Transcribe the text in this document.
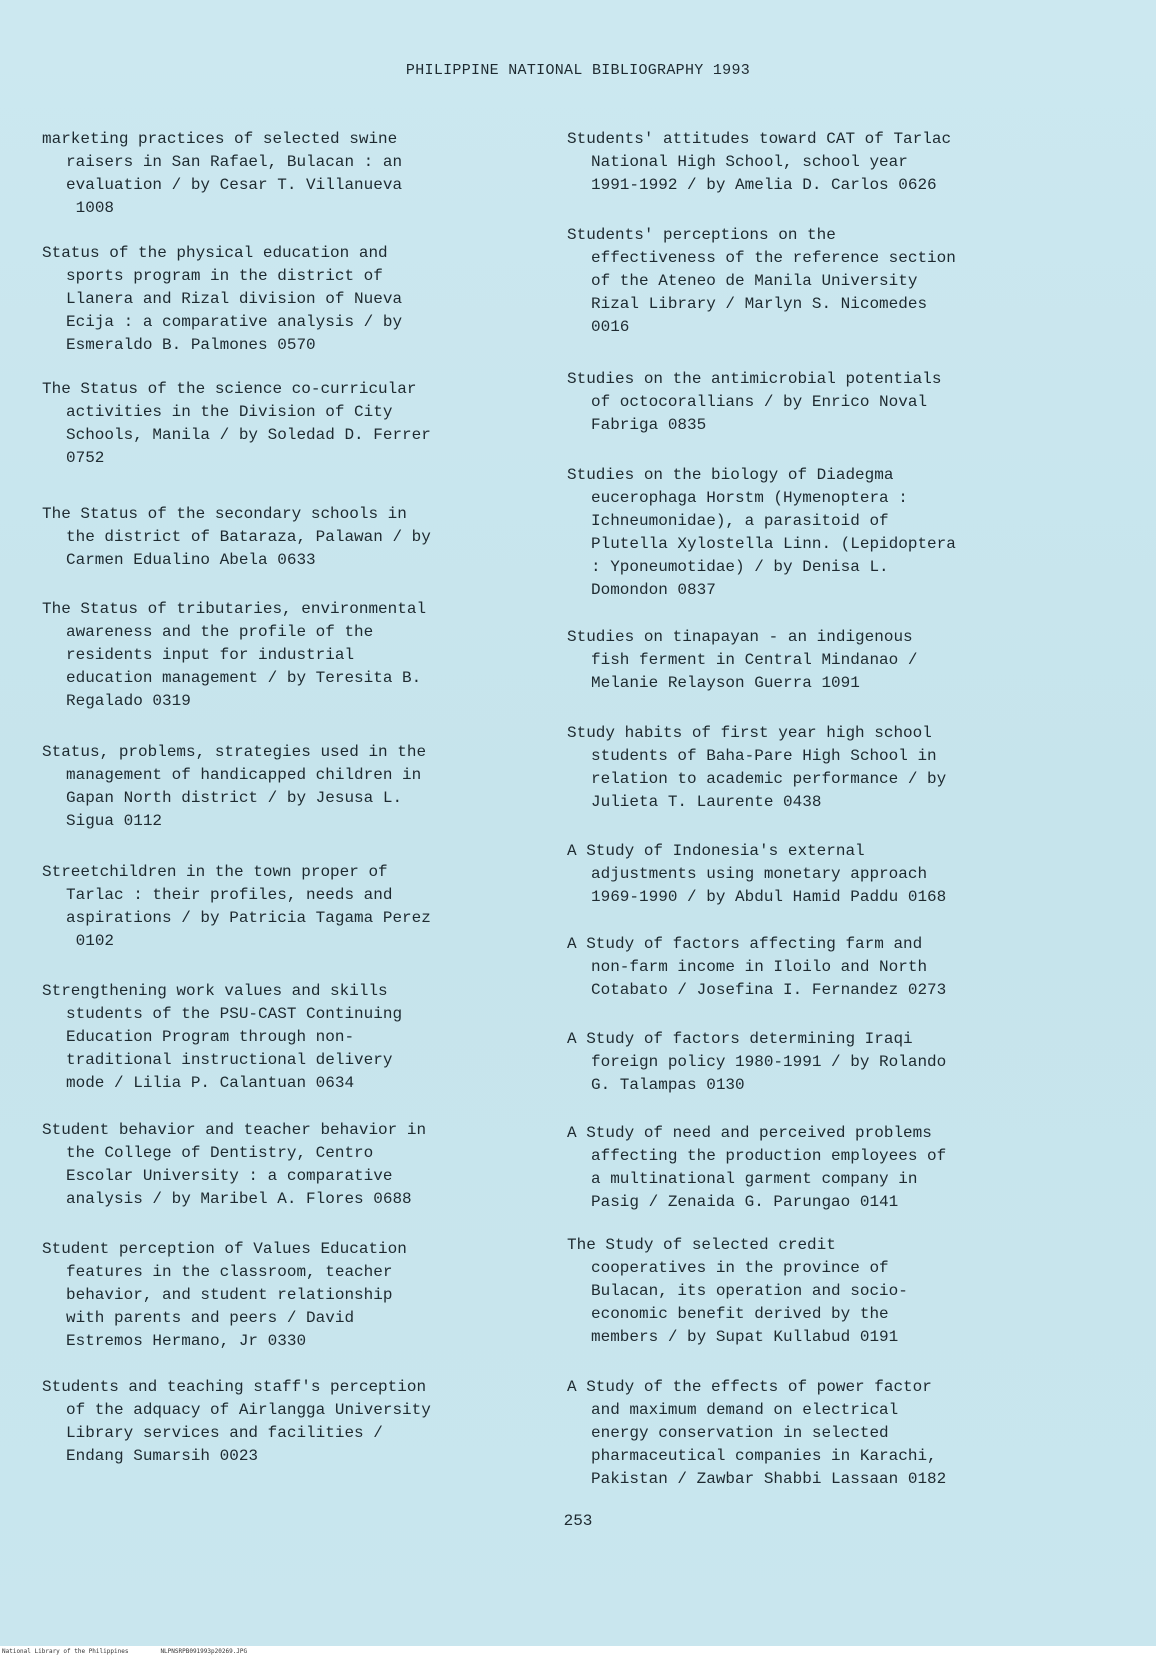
PHILIPPINE NATIONAL BIBLIOGRAPHY 1993

marketing practices of selected swine
raisers in San Rafael, Bulacan : an
evaluation / by Cesar T. Villanueva
1008

Status of the physical education and
sports program in the district of
Llanera and Rizal division of Nueva
Ecija : a comparative analysis / by
Esmeraldo B. Palmones 0570

The Status of the science co-curricular
activities in the Division of City
Schools, Manila / by Soledad D. Ferrer
0752

The Status of the secondary schools in
the district of Bataraza, Palawan / by
Carmen Edualino Abela 0633

The Status of tributaries, environmental
awareness and the profile of the
residents input for industrial
education management / by Teresita B.
Regalado 0319

Status, problems, strategies used in the
management of handicapped children in
Gapan North district / by Jesusa L.
Sigua 0112

Streetchildren in the town proper of
Tarlac : their profiles, needs and
aspirations / by Patricia Tagama Perez
0102

Strengthening work values and skills
students of the PSU-CAST Continuing
Education Program through non-
traditional instructional delivery
mode / Lilia P. Calantuan 0634

Student behavior and teacher behavior in
the College of Dentistry, Centro
Escolar University : a comparative
analysis / by Maribel A. Flores 0688

Student perception of Values Education
features in the classroom, teacher
behavior, and student relationship
with parents and peers / David
Estremos Hermano, Jr 0330

Students and teaching staff's perception
of the adquacy of Airlangga University
Library services and facilities /
Endang Sumarsih 0023

Students' attitudes toward CAT of Tarlac
National High School, school year
1991-1992 / by Amelia D. Carlos 0626

Students' perceptions on the
effectiveness of the reference section
of the Ateneo de Manila University
Rizal Library / Marlyn S. Nicomedes
0016

Studies on the antimicrobial potentials
of octocorallians / by Enrico Noval
Fabriga 0835

Studies on the biology of Diadegma
eucerophaga Horstm (Hymenoptera :
Ichneumonidae), a parasitoid of
Plutella Xylostella Linn. (Lepidoptera
: Yponeumotidae) / by Denisa L.
Domondon 0837

Studies on tinapayan - an indigenous
fish ferment in Central Mindanao /
Melanie Relayson Guerra 1091

Study habits of first year high school
students of Baha-Pare High School in
relation to academic performance / by
Julieta T. Laurente 0438

A Study of Indonesia's external
adjustments using monetary approach
1969-1990 / by Abdul Hamid Paddu 0168

A Study of factors affecting farm and
non-farm income in Iloilo and North
Cotabato / Josefina I. Fernandez 0273

A Study of factors determining Iraqi
foreign policy 1980-1991 / by Rolando
G. Talampas 0130

A Study of need and perceived problems
affecting the production employees of
a multinational garment company in
Pasig / Zenaida G. Parungao 0141

The Study of selected credit
cooperatives in the province of
Bulacan, its operation and socio-
economic benefit derived by the
members / by Supat Kullabud 0191

A Study of the effects of power factor
and maximum demand on electrical
energy conservation in selected
pharmaceutical companies in Karachi,
Pakistan / Zawbar Shabbi Lassaan 0182

253
National Library of the Philippines	NLPNSRPB091993p20269.JPG
